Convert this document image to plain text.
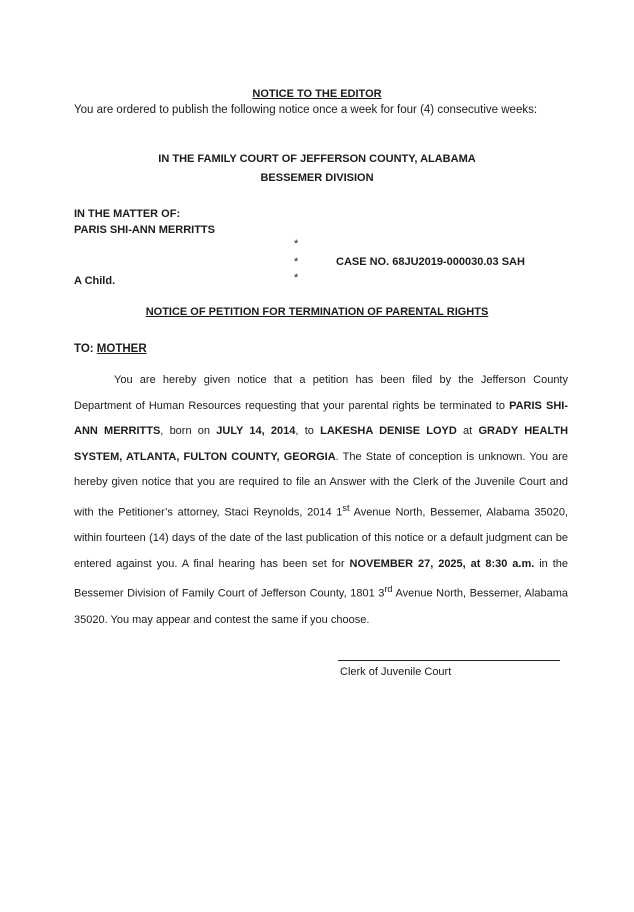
NOTICE TO THE EDITOR
You are ordered to publish the following notice once a week for four (4) consecutive weeks:
IN THE FAMILY COURT OF JEFFERSON COUNTY, ALABAMA
BESSEMER DIVISION
IN THE MATTER OF:
PARIS SHI-ANN MERRITTS
*
*
*
CASE NO. 68JU2019-000030.03 SAH
A Child.
NOTICE OF PETITION FOR TERMINATION OF PARENTAL RIGHTS
TO: MOTHER

You are hereby given notice that a petition has been filed by the Jefferson County Department of Human Resources requesting that your parental rights be terminated to PARIS SHI-ANN MERRITTS, born on JULY 14, 2014, to LAKESHA DENISE LOYD at GRADY HEALTH SYSTEM, ATLANTA, FULTON COUNTY, GEORGIA. The State of conception is unknown. You are hereby given notice that you are required to file an Answer with the Clerk of the Juvenile Court and with the Petitioner’s attorney, Staci Reynolds, 2014 1st Avenue North, Bessemer, Alabama 35020, within fourteen (14) days of the date of the last publication of this notice or a default judgment can be entered against you. A final hearing has been set for NOVEMBER 27, 2025, at 8:30 a.m. in the Bessemer Division of Family Court of Jefferson County, 1801 3rd Avenue North, Bessemer, Alabama 35020. You may appear and contest the same if you choose.

Clerk of Juvenile Court
